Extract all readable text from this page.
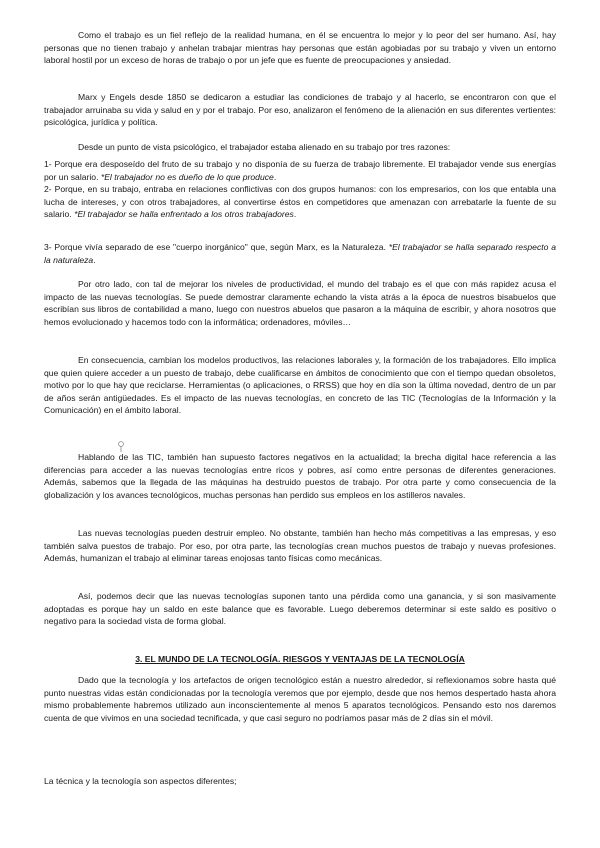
Como el trabajo es un fiel reflejo de la realidad humana, en él se encuentra lo mejor y lo peor del ser humano. Así, hay personas que no tienen trabajo y anhelan trabajar mientras hay personas que están agobiadas por su trabajo y viven un entorno laboral hostil por un exceso de horas de trabajo o por un jefe que es fuente de preocupaciones y ansiedad.

Marx y Engels desde 1850 se dedicaron a estudiar las condiciones de trabajo y al hacerlo, se encontraron con que el trabajador arruinaba su vida y salud en y por el trabajo. Por eso, analizaron el fenómeno de la alienación en sus diferentes vertientes: psicológica, jurídica y política.

Desde un punto de vista psicológico, el trabajador estaba alienado en su trabajo por tres razones:

1- Porque era desposeído del fruto de su trabajo y no disponía de su fuerza de trabajo libremente. El trabajador vende sus energías por un salario. *El trabajador no es dueño de lo que produce.

2- Porque, en su trabajo, entraba en relaciones conflictivas con dos grupos humanos: con los empresarios, con los que entabla una lucha de intereses, y con otros trabajadores, al convertirse éstos en competidores que amenazan con arrebatarle la fuente de su salario. *El trabajador se halla enfrentado a los otros trabajadores.

3- Porque vivía separado de ese "cuerpo inorgánico" que, según Marx, es la Naturaleza. *El trabajador se halla separado respecto a la naturaleza.

Por otro lado, con tal de mejorar los niveles de productividad, el mundo del trabajo es el que con más rapidez acusa el impacto de las nuevas tecnologías. Se puede demostrar claramente echando la vista atrás a la época de nuestros bisabuelos que escribían sus libros de contabilidad a mano, luego con nuestros abuelos que pasaron a la máquina de escribir, y ahora nosotros que hemos evolucionado y hacemos todo con la informática; ordenadores, móviles…

En consecuencia, cambian los modelos productivos, las relaciones laborales y, la formación de los trabajadores. Ello implica que quien quiere acceder a un puesto de trabajo, debe cualificarse en ámbitos de conocimiento que con el tiempo quedan obsoletos, motivo por lo que hay que reciclarse. Herramientas (o aplicaciones, o RRSS) que hoy en día son la última novedad, dentro de un par de años serán antigüedades. Es el impacto de las nuevas tecnologías, en concreto de las TIC (Tecnologías de la Información y la Comunicación) en el ámbito laboral.

Hablando de las TIC, también han supuesto factores negativos en la actualidad; la brecha digital hace referencia a las diferencias para acceder a las nuevas tecnologías entre ricos y pobres, así como entre personas de diferentes generaciones. Además, sabemos que la llegada de las máquinas ha destruido puestos de trabajo. Por otra parte y como consecuencia de la globalización y los avances tecnológicos, muchas personas han perdido sus empleos en los astilleros navales.

Las nuevas tecnologías pueden destruir empleo. No obstante, también han hecho más competitivas a las empresas, y eso también salva puestos de trabajo. Por eso, por otra parte, las tecnologías crean muchos puestos de trabajo y nuevas profesiones. Además, humanizan el trabajo al eliminar tareas enojosas tanto físicas como mecánicas.

Así, podemos decir que las nuevas tecnologías suponen tanto una pérdida como una ganancia, y si son masivamente adoptadas es porque hay un saldo en este balance que es favorable. Luego deberemos determinar si este saldo es positivo o negativo para la sociedad vista de forma global.

3. EL MUNDO DE LA TECNOLOGÍA. RIESGOS Y VENTAJAS DE LA TECNOLOGÍA

Dado que la tecnología y los artefactos de origen tecnológico están a nuestro alrededor, si reflexionamos sobre hasta qué punto nuestras vidas están condicionadas por la tecnología veremos que por ejemplo, desde que nos hemos despertado hasta ahora mismo probablemente habremos utilizado aun inconscientemente al menos 5 aparatos tecnológicos. Pensando esto nos daremos cuenta de que vivimos en una sociedad tecnificada, y que casi seguro no podríamos pasar más de 2 días sin el móvil.

La técnica y la tecnología son aspectos diferentes;
